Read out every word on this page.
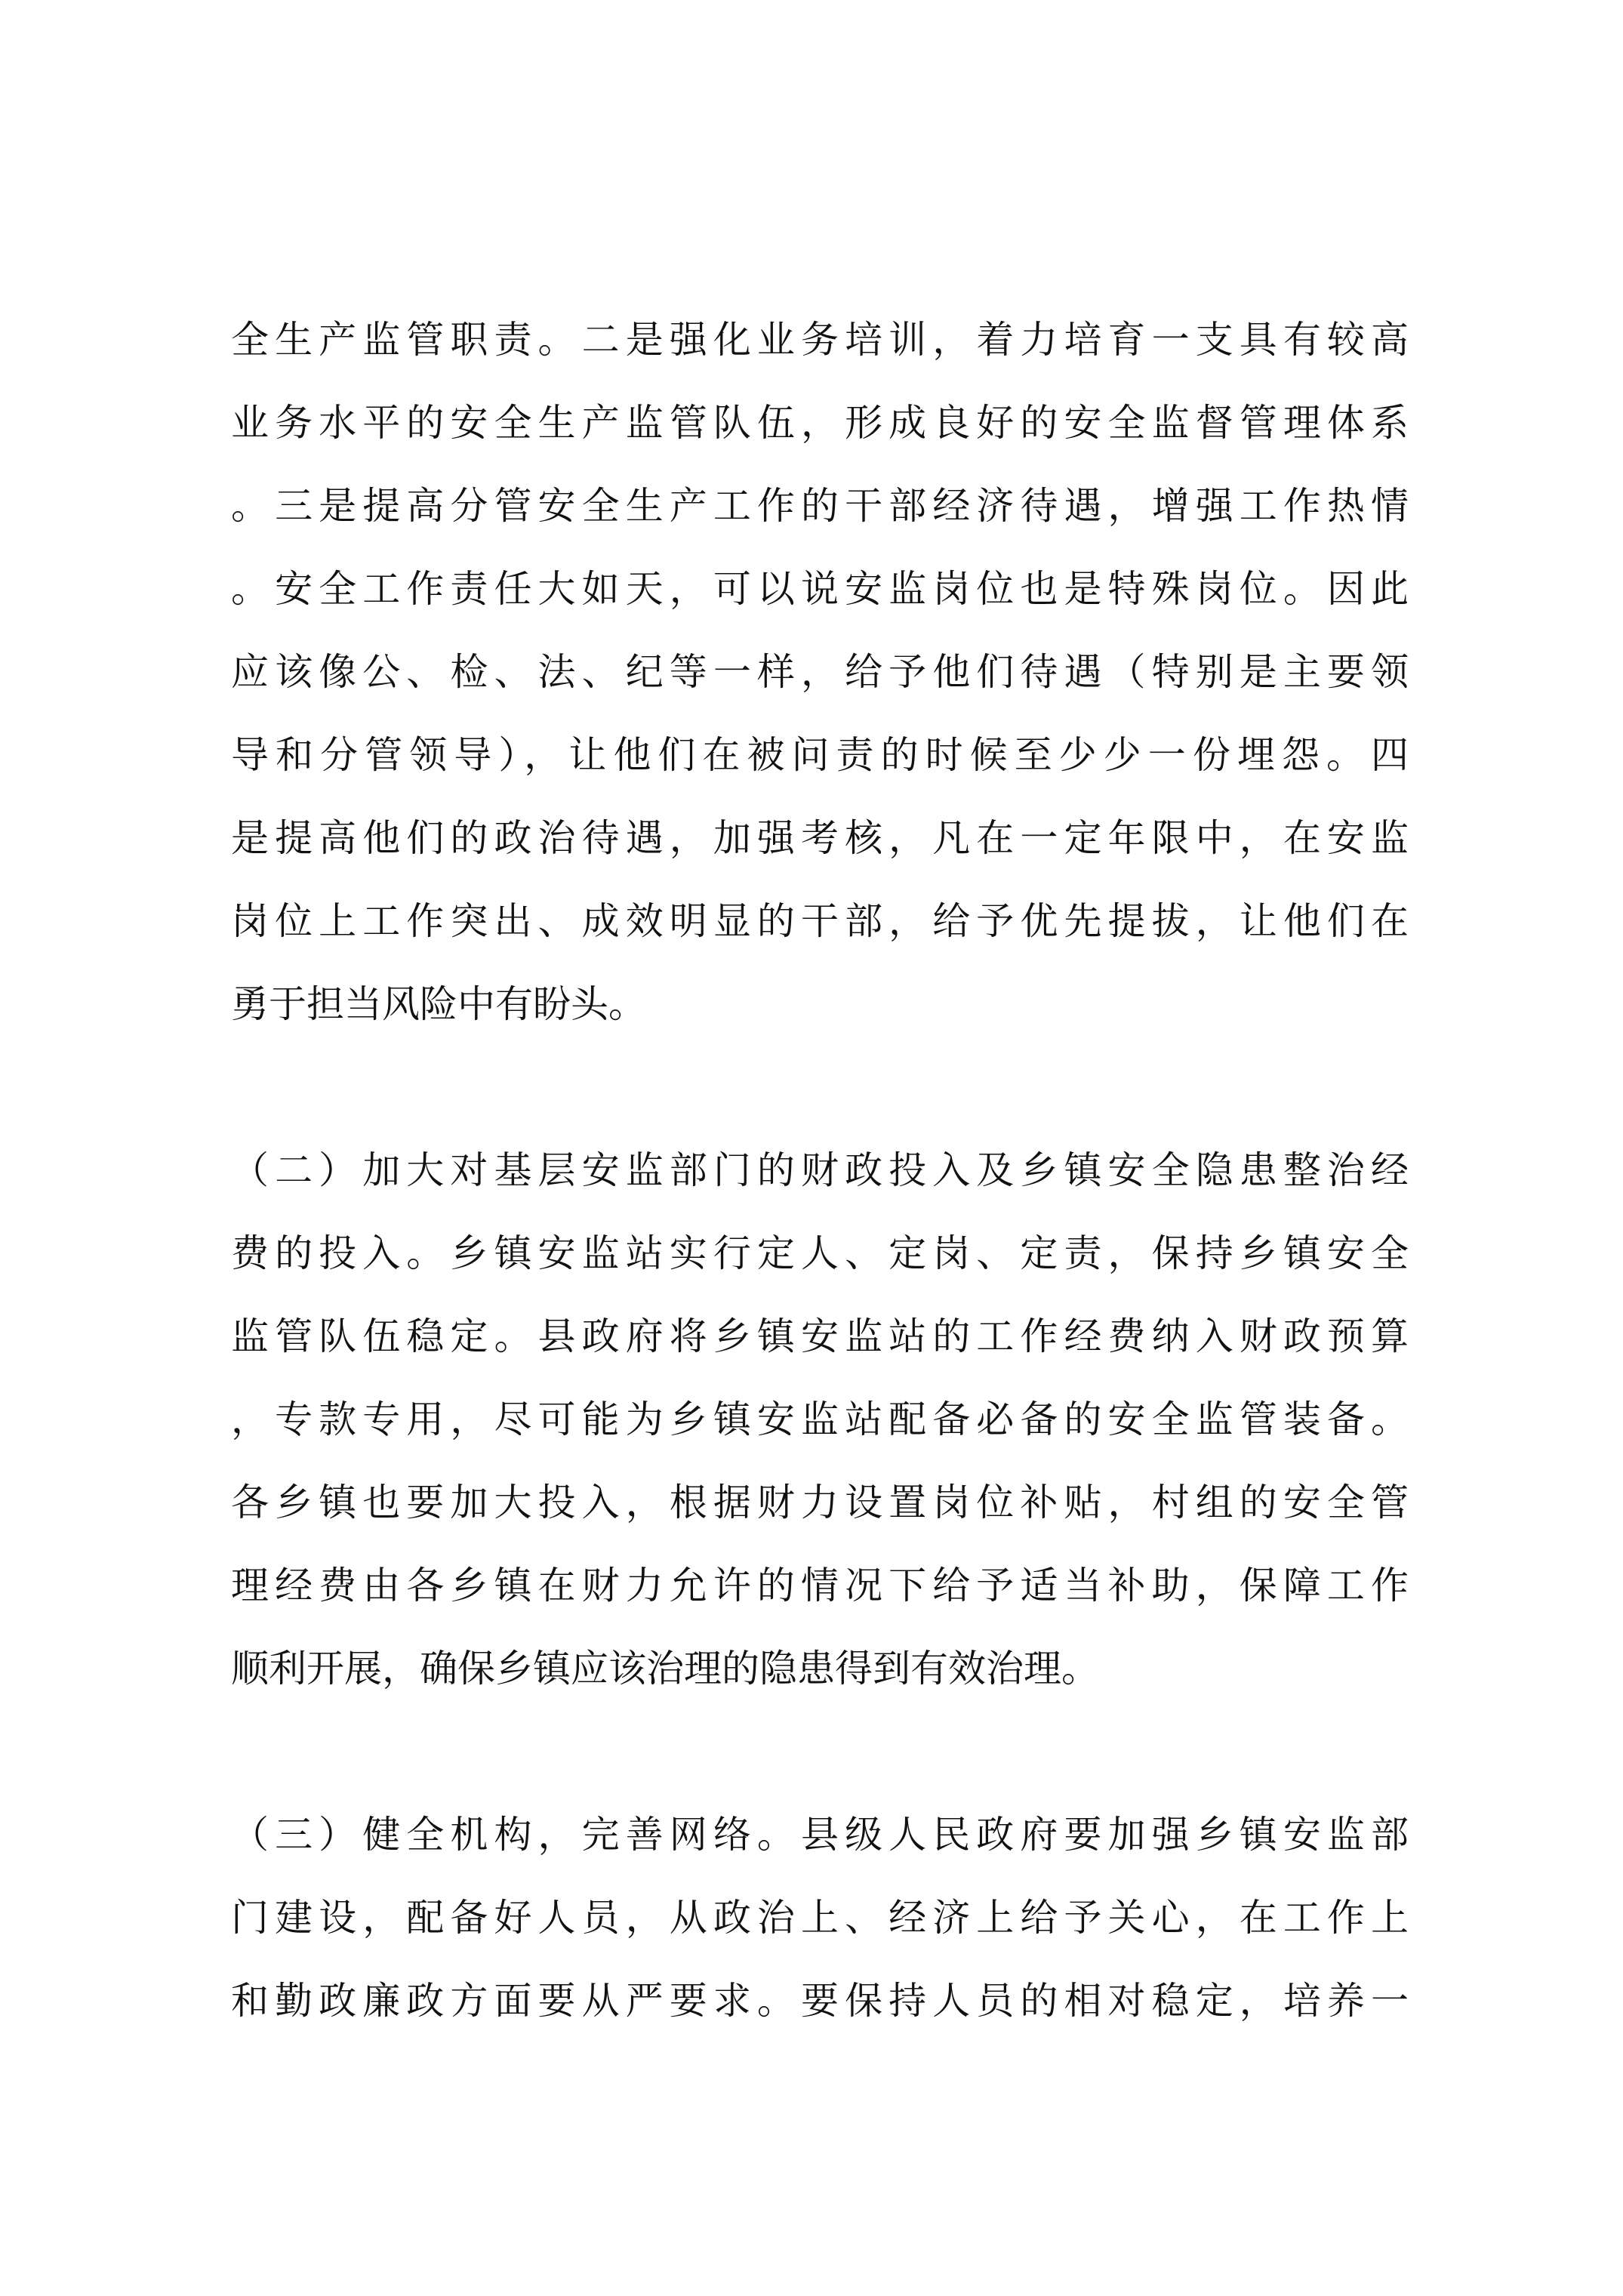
全生产监管职责。二是强化业务培训，着力培育一支具有较高
业务水平的安全生产监管队伍，形成良好的安全监督管理体系
。三是提高分管安全生产工作的干部经济待遇，增强工作热情
。安全工作责任大如天，可以说安监岗位也是特殊岗位。因此
应该像公、检、法、纪等一样，给予他们待遇（特别是主要领
导和分管领导），让他们在被问责的时候至少少一份埋怨。四
是提高他们的政治待遇，加强考核，凡在一定年限中，在安监
岗位上工作突出、成效明显的干部，给予优先提拔，让他们在
勇于担当风险中有盼头。
（二）加大对基层安监部门的财政投入及乡镇安全隐患整治经
费的投入。乡镇安监站实行定人、定岗、定责，保持乡镇安全
监管队伍稳定。县政府将乡镇安监站的工作经费纳入财政预算
，专款专用，尽可能为乡镇安监站配备必备的安全监管装备。
各乡镇也要加大投入，根据财力设置岗位补贴，村组的安全管
理经费由各乡镇在财力允许的情况下给予适当补助，保障工作
顺利开展，确保乡镇应该治理的隐患得到有效治理。
（三）健全机构，完善网络。县级人民政府要加强乡镇安监部
门建设，配备好人员，从政治上、经济上给予关心，在工作上
和勤政廉政方面要从严要求。要保持人员的相对稳定，培养一
